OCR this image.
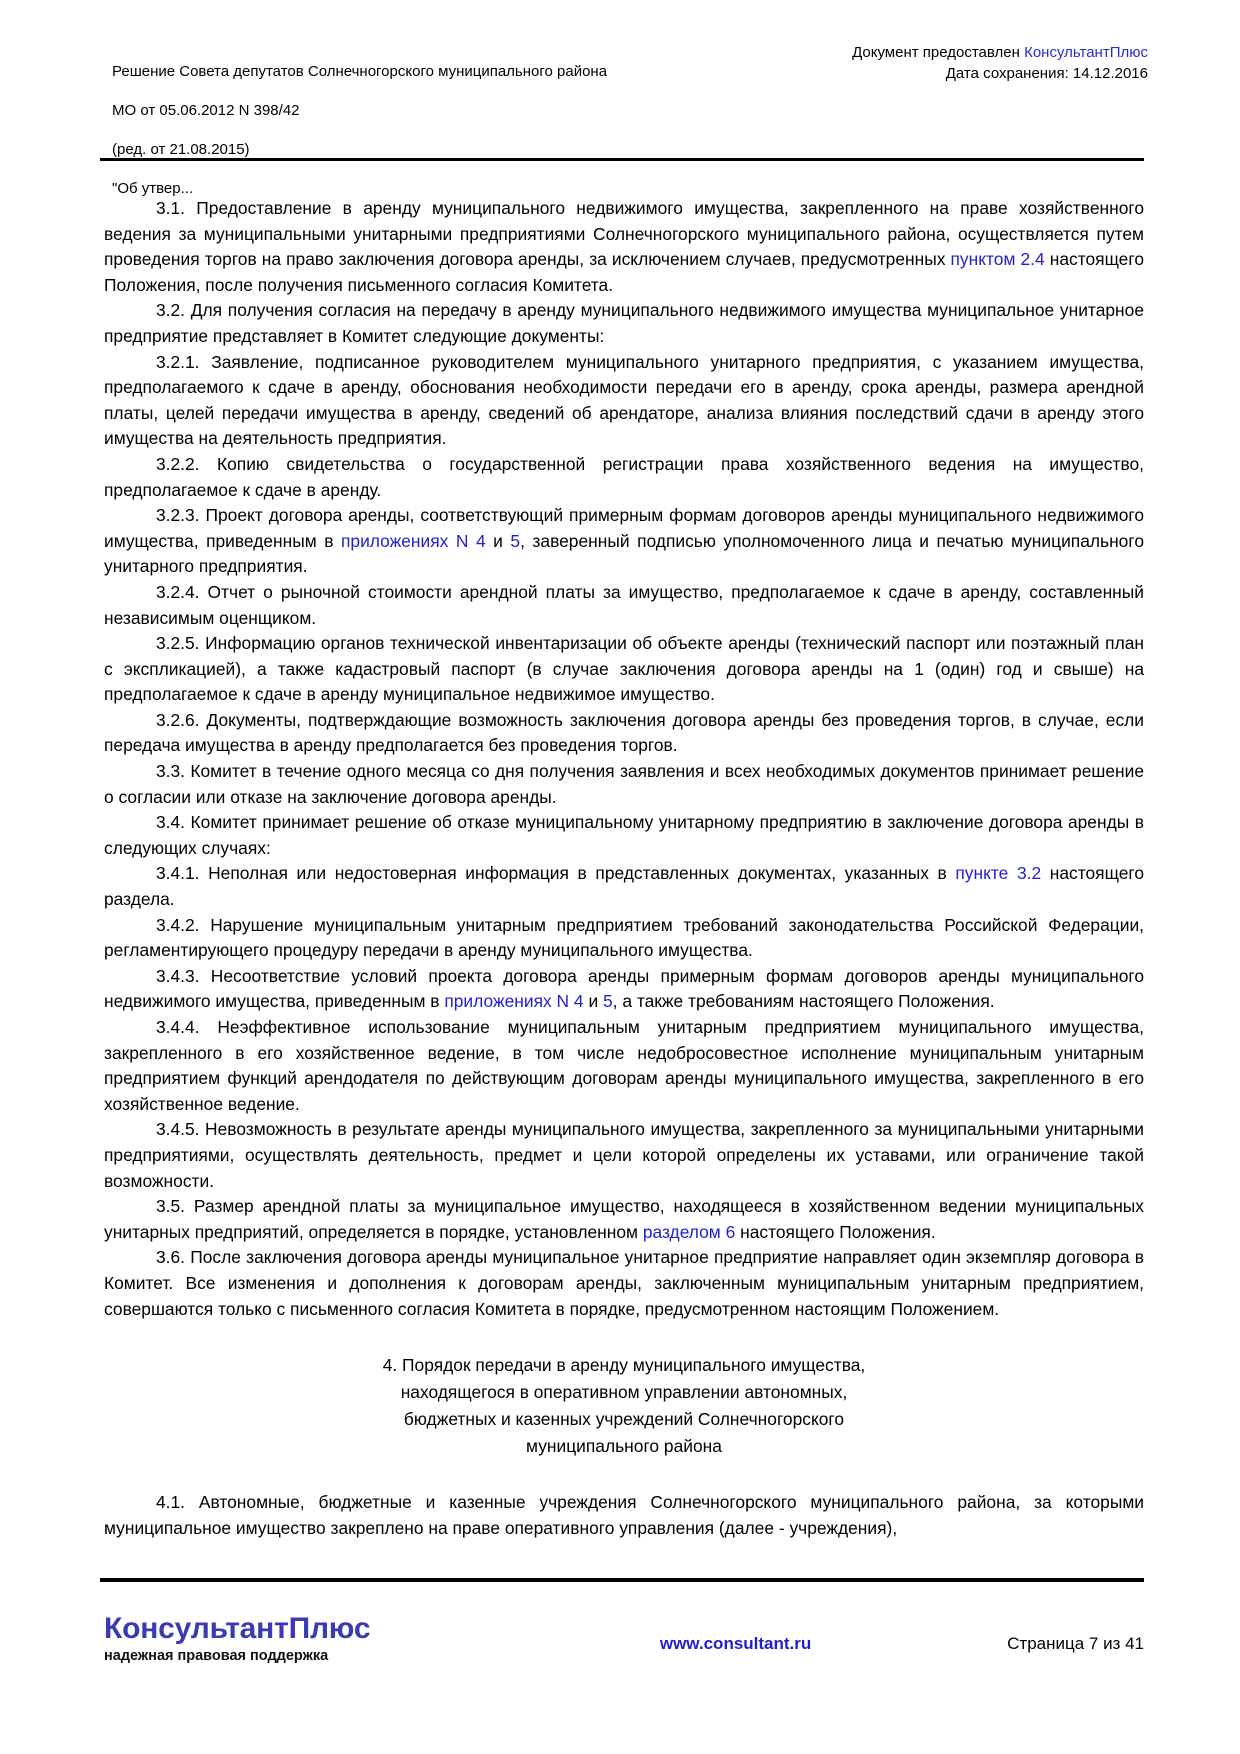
Решение Совета депутатов Солнечногорского муниципального района

МО от 05.06.2012 N 398/42

(ред. от 21.08.2015)

"Об утвер...

Документ предоставлен КонсультантПлюс
Дата сохранения: 14.12.2016

3.1. Предоставление в аренду муниципального недвижимого имущества, закрепленного на праве хозяйственного ведения за муниципальными унитарными предприятиями Солнечногорского муниципального района, осуществляется путем проведения торгов на право заключения договора аренды, за исключением случаев, предусмотренных пунктом 2.4 настоящего Положения, после получения письменного согласия Комитета.

3.2. Для получения согласия на передачу в аренду муниципального недвижимого имущества муниципальное унитарное предприятие представляет в Комитет следующие документы:

3.2.1. Заявление, подписанное руководителем муниципального унитарного предприятия, с указанием имущества, предполагаемого к сдаче в аренду, обоснования необходимости передачи его в аренду, срока аренды, размера арендной платы, целей передачи имущества в аренду, сведений об арендаторе, анализа влияния последствий сдачи в аренду этого имущества на деятельность предприятия.

3.2.2. Копию свидетельства о государственной регистрации права хозяйственного ведения на имущество, предполагаемое к сдаче в аренду.

3.2.3. Проект договора аренды, соответствующий примерным формам договоров аренды муниципального недвижимого имущества, приведенным в приложениях N 4 и 5, заверенный подписью уполномоченного лица и печатью муниципального унитарного предприятия.

3.2.4. Отчет о рыночной стоимости арендной платы за имущество, предполагаемое к сдаче в аренду, составленный независимым оценщиком.

3.2.5. Информацию органов технической инвентаризации об объекте аренды (технический паспорт или поэтажный план с экспликацией), а также кадастровый паспорт (в случае заключения договора аренды на 1 (один) год и свыше) на предполагаемое к сдаче в аренду муниципальное недвижимое имущество.

3.2.6. Документы, подтверждающие возможность заключения договора аренды без проведения торгов, в случае, если передача имущества в аренду предполагается без проведения торгов.

3.3. Комитет в течение одного месяца со дня получения заявления и всех необходимых документов принимает решение о согласии или отказе на заключение договора аренды.

3.4. Комитет принимает решение об отказе муниципальному унитарному предприятию в заключение договора аренды в следующих случаях:

3.4.1. Неполная или недостоверная информация в представленных документах, указанных в пункте 3.2 настоящего раздела.

3.4.2. Нарушение муниципальным унитарным предприятием требований законодательства Российской Федерации, регламентирующего процедуру передачи в аренду муниципального имущества.

3.4.3. Несоответствие условий проекта договора аренды примерным формам договоров аренды муниципального недвижимого имущества, приведенным в приложениях N 4 и 5, а также требованиям настоящего Положения.

3.4.4. Неэффективное использование муниципальным унитарным предприятием муниципального имущества, закрепленного в его хозяйственное ведение, в том числе недобросовестное исполнение муниципальным унитарным предприятием функций арендодателя по действующим договорам аренды муниципального имущества, закрепленного в его хозяйственное ведение.

3.4.5. Невозможность в результате аренды муниципального имущества, закрепленного за муниципальными унитарными предприятиями, осуществлять деятельность, предмет и цели которой определены их уставами, или ограничение такой возможности.

3.5. Размер арендной платы за муниципальное имущество, находящееся в хозяйственном ведении муниципальных унитарных предприятий, определяется в порядке, установленном разделом 6 настоящего Положения.

3.6. После заключения договора аренды муниципальное унитарное предприятие направляет один экземпляр договора в Комитет. Все изменения и дополнения к договорам аренды, заключенным муниципальным унитарным предприятием, совершаются только с письменного согласия Комитета в порядке, предусмотренном настоящим Положением.

4. Порядок передачи в аренду муниципального имущества,
находящегося в оперативном управлении автономных,
бюджетных и казенных учреждений Солнечногорского
муниципального района

4.1. Автономные, бюджетные и казенные учреждения Солнечногорского муниципального района, за которыми муниципальное имущество закреплено на праве оперативного управления (далее - учреждения),

КонсультантПлюс
надежная правовая поддержка
www.consultant.ru	Страница 7 из 41
